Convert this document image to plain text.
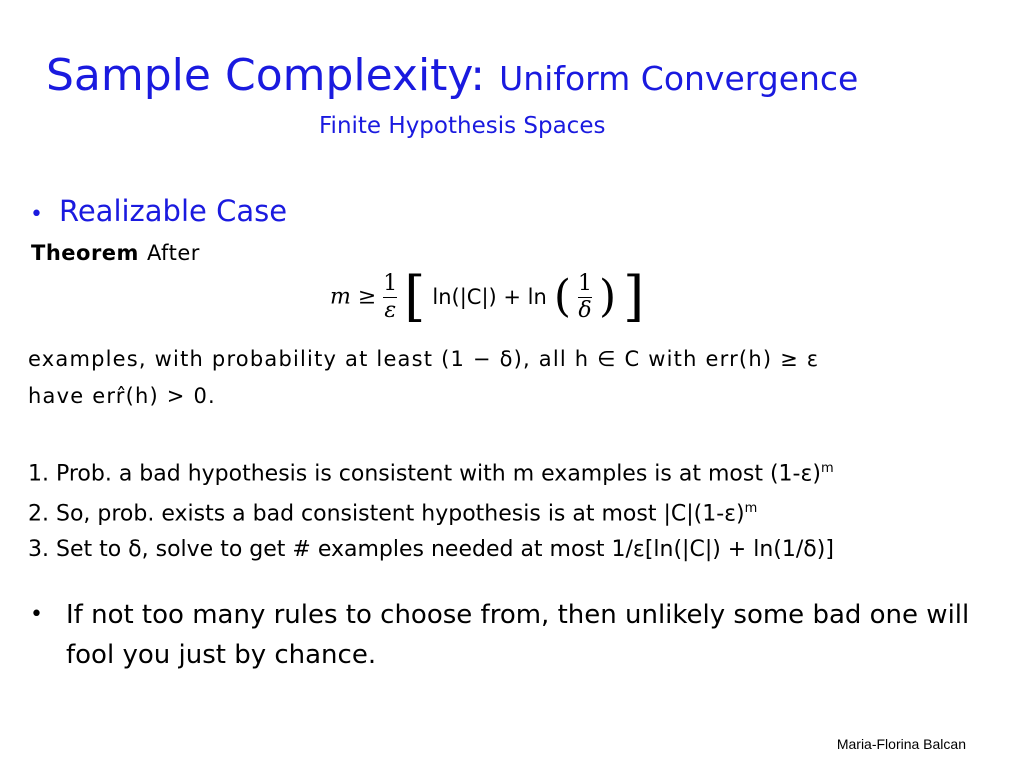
Sample Complexity: Uniform Convergence
Finite Hypothesis Spaces
• Realizable Case
Theorem After
$m \ge \frac{1}{\varepsilon}$ [ ln(|C|) + ln ( $\frac{1}{\delta}$ ) ]
examples, with probability at least (1 − δ), all h ∈ C with err(h) ≥ ε
have err̂(h) > 0.
1. Prob. a bad hypothesis is consistent with m examples is at most $(1-\varepsilon)^m$
2. So, prob. exists a bad consistent hypothesis is at most $|C|(1-\varepsilon)^m$
3. Set to δ, solve to get # examples needed at most 1/ε[ln(|C|) + ln(1/δ)]
• If not too many rules to choose from, then unlikely some bad one will fool you just by chance.
Maria-Florina Balcan
